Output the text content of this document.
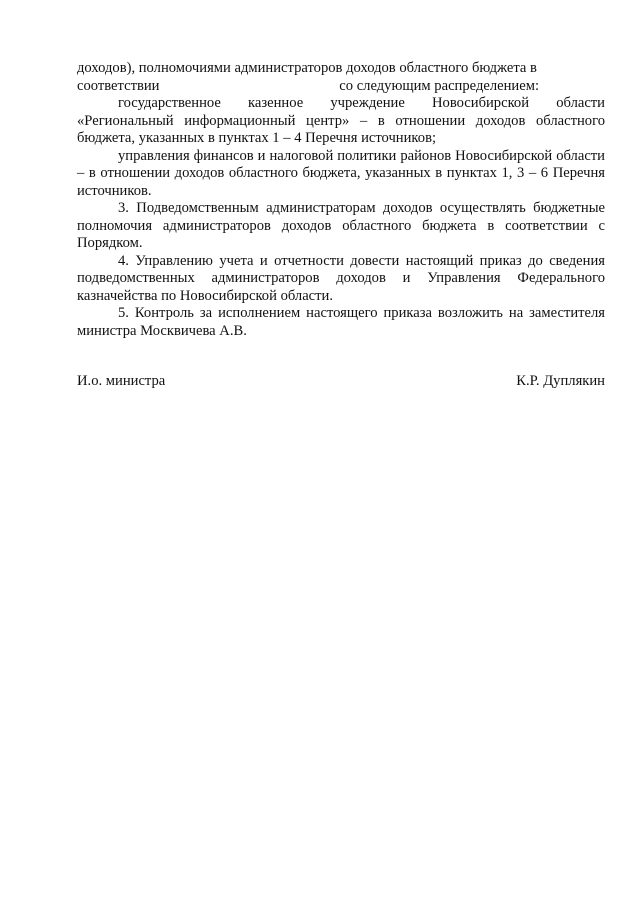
доходов), полномочиями администраторов доходов областного бюджета в

соответствии	со следующим распределением:

государственное казенное учреждение Новосибирской области «Региональный информационный центр» – в отношении доходов областного бюджета, указанных в пунктах 1 – 4 Перечня источников;

управления финансов и налоговой политики районов Новосибирской области – в отношении доходов областного бюджета, указанных в пунктах 1, 3 – 6 Перечня источников.

3. Подведомственным администраторам доходов осуществлять бюджетные полномочия администраторов доходов областного бюджета в соответствии с Порядком.

4. Управлению учета и отчетности довести настоящий приказ до сведения подведомственных администраторов доходов и Управления Федерального казначейства по Новосибирской области.

5. Контроль за исполнением настоящего приказа возложить на заместителя министра Москвичева А.В.

И.о. министра	К.Р. Дуплякин
